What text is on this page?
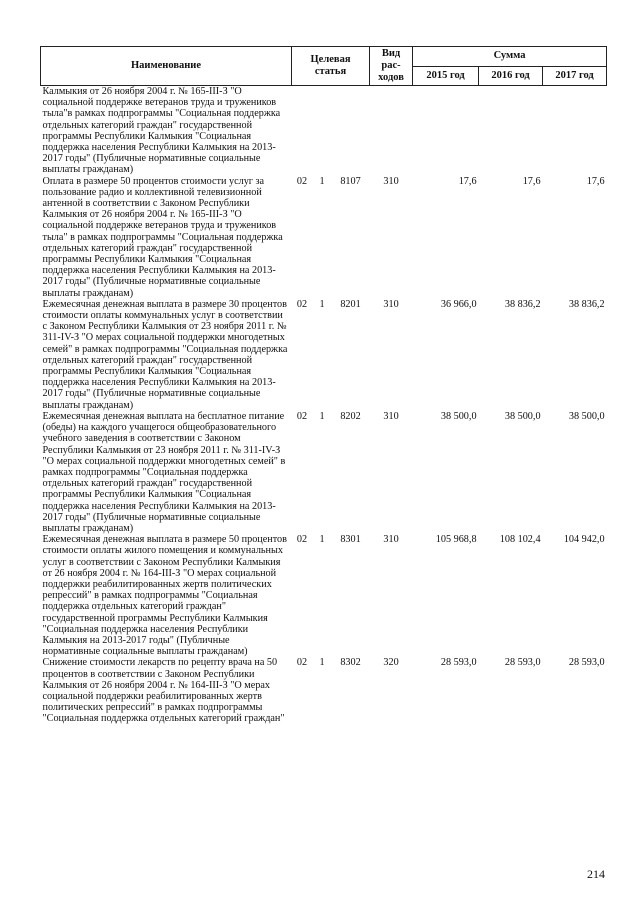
Наименование	Целевая статья			Вид рас-ходов	Сумма		
					2015 год	2016 год	2017 год
Калмыкия от 26 ноября 2004 г. № 165-III-З "О социальной поддержке ветеранов труда и тружеников тыла"в рамках подпрограммы "Социальная поддержка отдельных категорий граждан" государственной программы Республики Калмыкия "Социальная поддержка населения Республики Калмыкия на 2013-2017 годы" (Публичные нормативные социальные выплаты гражданам)							
Оплата в размере 50 процентов стоимости услуг за пользование радио и коллективной телевизионной антенной в соответствии с Законом Республики Калмыкия от 26 ноября 2004 г. № 165-III-З "О социальной поддержке ветеранов труда и тружеников тыла" в рамках подпрограммы "Социальная поддержка отдельных категорий граждан" государственной программы Республики Калмыкия "Социальная поддержка населения Республики Калмыкия на 2013-2017 годы" (Публичные нормативные социальные выплаты гражданам)	02	1	8107	310	17,6	17,6	17,6
Ежемесячная денежная выплата в размере 30 процентов стоимости оплаты коммунальных услуг в соответствии с Законом Республики Калмыкия от 23 ноября 2011 г. № 311-IV-З "О мерах социальной поддержки многодетных семей" в рамках подпрограммы "Социальная поддержка отдельных категорий граждан" государственной программы Республики Калмыкия "Социальная поддержка населения Республики Калмыкия на 2013-2017 годы" (Публичные нормативные социальные выплаты гражданам)	02	1	8201	310	36 966,0	38 836,2	38 836,2
Ежемесячная денежная выплата на бесплатное питание (обеды) на каждого учащегося общеобразовательного учебного заведения в соответствии с Законом Республики Калмыкия от 23 ноября 2011 г. № 311-IV-З "О мерах социальной поддержки многодетных семей" в рамках подпрограммы "Социальная поддержка отдельных категорий граждан" государственной программы Республики Калмыкия "Социальная поддержка населения Республики Калмыкия на 2013-2017 годы" (Публичные нормативные социальные выплаты гражданам)	02	1	8202	310	38 500,0	38 500,0	38 500,0
Ежемесячная денежная выплата в размере 50 процентов стоимости оплаты жилого помещения и коммунальных услуг в соответствии с Законом Республики Калмыкия от 26 ноября 2004 г. № 164-III-З "О мерах социальной поддержки реабилитированных жертв политических репрессий" в рамках подпрограммы "Социальная поддержка отдельных категорий граждан" государственной программы Республики Калмыкия "Социальная поддержка населения Республики Калмыкия на 2013-2017 годы" (Публичные нормативные социальные выплаты гражданам)	02	1	8301	310	105 968,8	108 102,4	104 942,0
Снижение стоимости лекарств по рецепту врача на 50 процентов в соответствии с Законом Республики Калмыкия от 26 ноября 2004 г. № 164-III-З "О мерах социальной поддержки реабилитированных жертв политических репрессий" в рамках подпрограммы "Социальная поддержка отдельных категорий граждан"	02	1	8302	320	28 593,0	28 593,0	28 593,0
214
